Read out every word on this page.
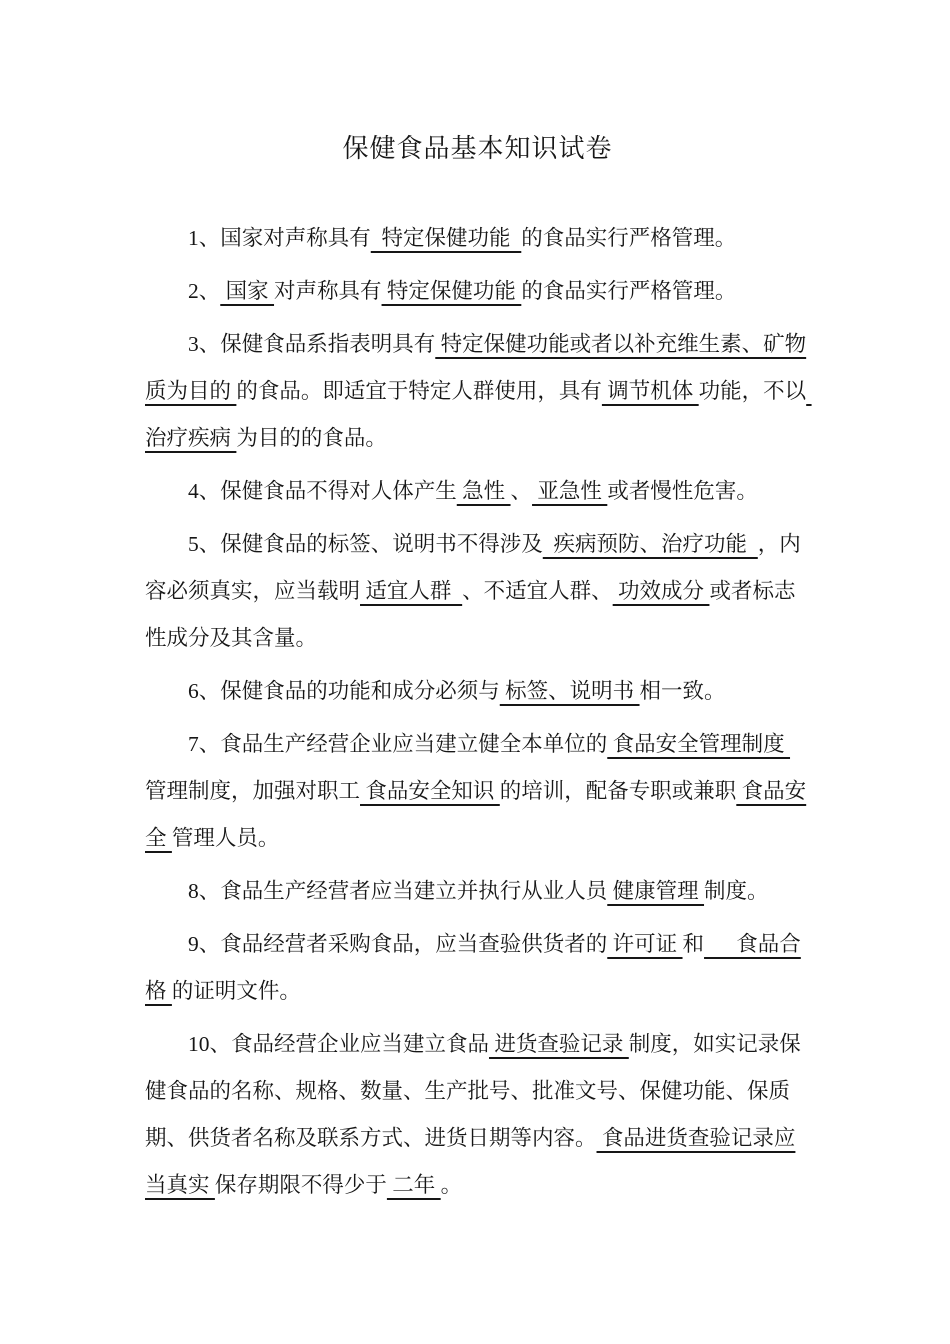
保健食品基本知识试卷

1、国家对声称具有  特定保健功能  的食品实行严格管理。

2、 国家 对声称具有 特定保健功能 的食品实行严格管理。

3、保健食品系指表明具有 特定保健功能或者以补充维生素、矿物质为目的 的食品。即适宜于特定人群使用，具有 调节机体 功能，不以 治疗疾病 为目的的食品。

4、保健食品不得对人体产生 急性 、 亚急性 或者慢性危害。

5、保健食品的标签、说明书不得涉及  疾病预防、治疗功能  ，内容必须真实，应当载明 适宜人群  、不适宜人群、 功效成分 或者标志性成分及其含量。

6、保健食品的功能和成分必须与 标签、说明书 相一致。

7、食品生产经营企业应当建立健全本单位的 食品安全管理制度 管理制度，加强对职工 食品安全知识 的培训，配备专职或兼职 食品安全 管理人员。

8、食品生产经营者应当建立并执行从业人员 健康管理 制度。

9、食品经营者采购食品，应当查验供货者的 许可证 和      食品合格 的证明文件。

10、食品经营企业应当建立食品 进货查验记录 制度，如实记录保健食品的名称、规格、数量、生产批号、批准文号、保健功能、保质期、供货者名称及联系方式、进货日期等内容。 食品进货查验记录应当真实 保存期限不得少于 二年 。
